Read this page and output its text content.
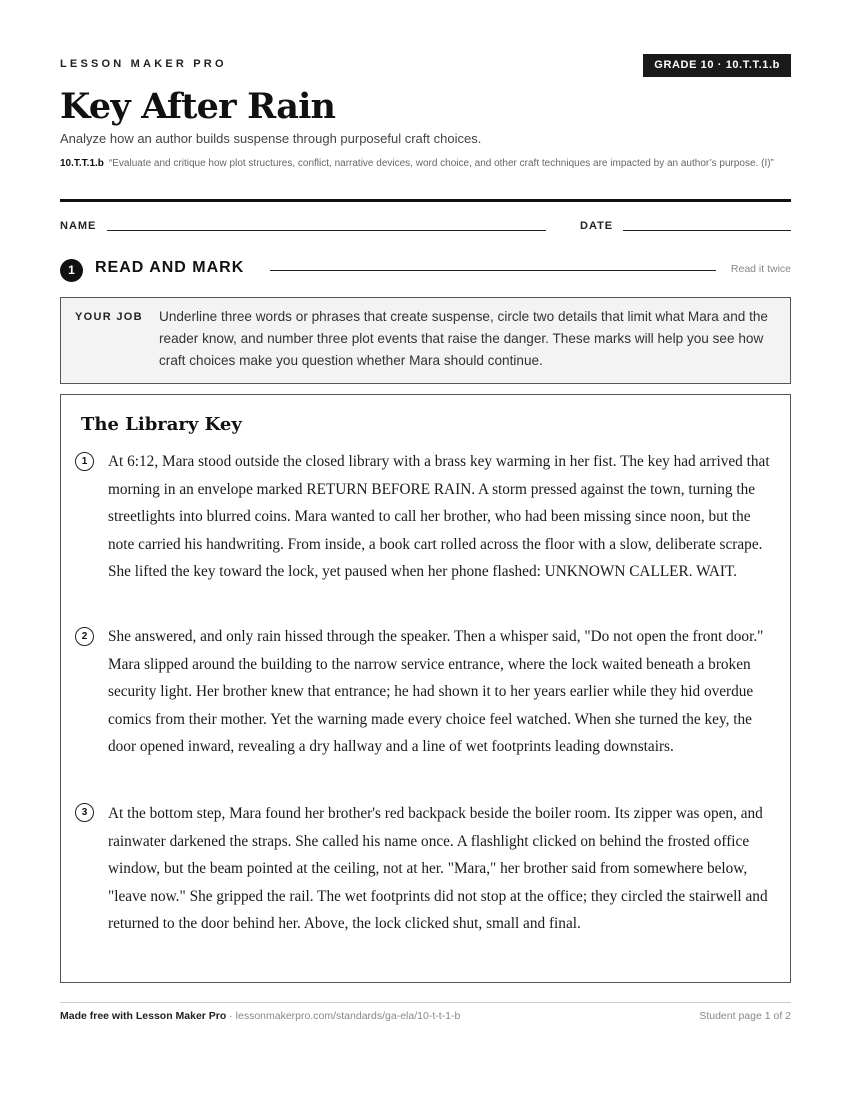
LESSON MAKER PRO	GRADE 10 · 10.T.T.1.b
Key After Rain
Analyze how an author builds suspense through purposeful craft choices.
10.T.T.1.b “Evaluate and critique how plot structures, conflict, narrative devices, word choice, and other craft techniques are impacted by an author’s purpose. (I)”
NAME	DATE
1	READ AND MARK	Read it twice
YOUR JOB Underline three words or phrases that create suspense, circle two details that limit what Mara and the reader know, and number three plot events that raise the danger. These marks will help you see how craft choices make you question whether Mara should continue.
The Library Key
1	At 6:12, Mara stood outside the closed library with a brass key warming in her fist. The key had arrived that morning in an envelope marked RETURN BEFORE RAIN. A storm pressed against the town, turning the streetlights into blurred coins. Mara wanted to call her brother, who had been missing since noon, but the note carried his handwriting. From inside, a book cart rolled across the floor with a slow, deliberate scrape. She lifted the key toward the lock, yet paused when her phone flashed: UNKNOWN CALLER. WAIT.
2	She answered, and only rain hissed through the speaker. Then a whisper said, "Do not open the front door." Mara slipped around the building to the narrow service entrance, where the lock waited beneath a broken security light. Her brother knew that entrance; he had shown it to her years earlier while they hid overdue comics from their mother. Yet the warning made every choice feel watched. When she turned the key, the door opened inward, revealing a dry hallway and a line of wet footprints leading downstairs.
3	At the bottom step, Mara found her brother's red backpack beside the boiler room. Its zipper was open, and rainwater darkened the straps. She called his name once. A flashlight clicked on behind the frosted office window, but the beam pointed at the ceiling, not at her. "Mara," her brother said from somewhere below, "leave now." She gripped the rail. The wet footprints did not stop at the office; they circled the stairwell and returned to the door behind her. Above, the lock clicked shut, small and final.
Made free with Lesson Maker Pro · lessonmakerpro.com/standards/ga-ela/10-t-t-1-b	Student page 1 of 2
